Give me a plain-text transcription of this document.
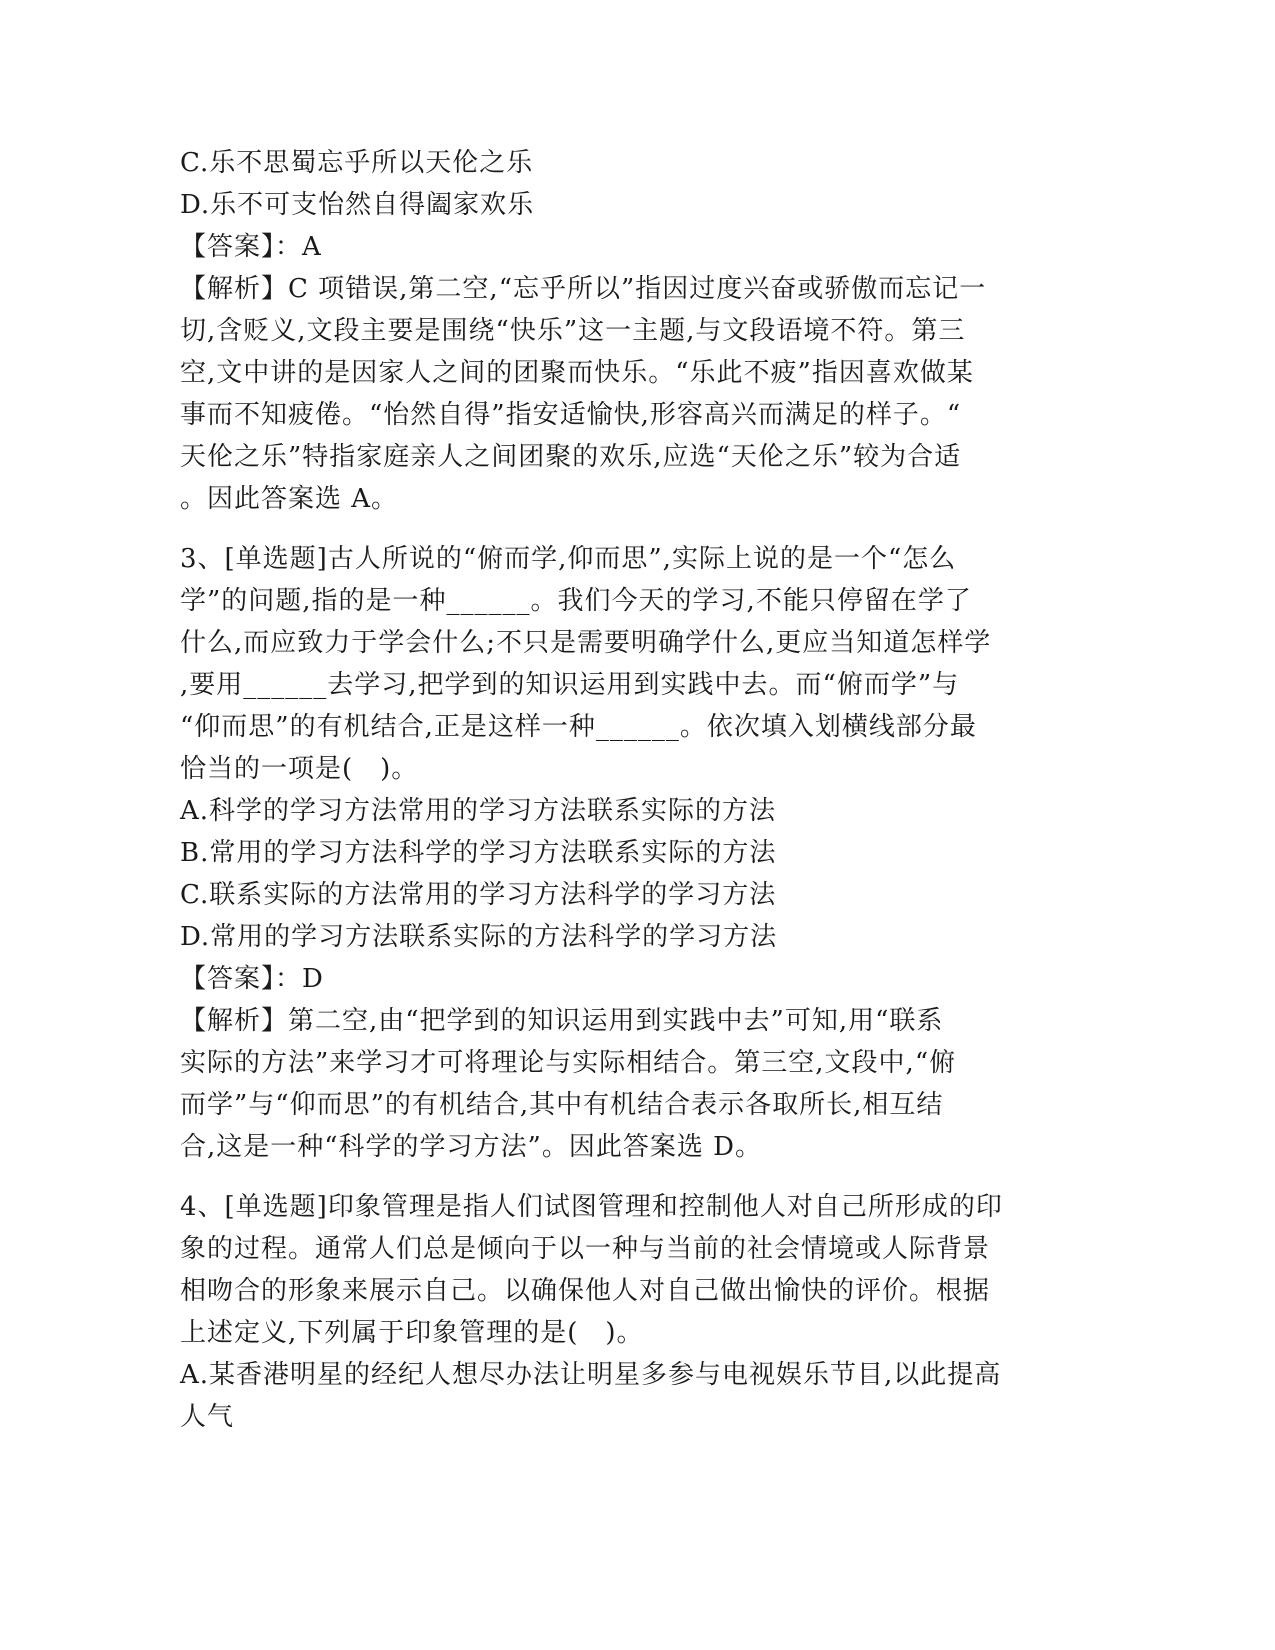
C.乐不思蜀忘乎所以天伦之乐
D.乐不可支怡然自得阖家欢乐
【答案】：A
【解析】C 项错误,第二空,“忘乎所以”指因过度兴奋或骄傲而忘记一
切,含贬义,文段主要是围绕“快乐”这一主题,与文段语境不符。第三
空,文中讲的是因家人之间的团聚而快乐。“乐此不疲”指因喜欢做某
事而不知疲倦。“怡然自得”指安适愉快,形容高兴而满足的样子。“
天伦之乐”特指家庭亲人之间团聚的欢乐,应选“天伦之乐”较为合适
。因此答案选 A。
3、[单选题]古人所说的“俯而学,仰而思”,实际上说的是一个“怎么
学”的问题,指的是一种______。我们今天的学习,不能只停留在学了
什么,而应致力于学会什么;不只是需要明确学什么,更应当知道怎样学
,要用______去学习,把学到的知识运用到实践中去。而“俯而学”与
“仰而思”的有机结合,正是这样一种______。依次填入划横线部分最
恰当的一项是(　)。
A.科学的学习方法常用的学习方法联系实际的方法
B.常用的学习方法科学的学习方法联系实际的方法
C.联系实际的方法常用的学习方法科学的学习方法
D.常用的学习方法联系实际的方法科学的学习方法
【答案】：D
【解析】第二空,由“把学到的知识运用到实践中去”可知,用“联系
实际的方法”来学习才可将理论与实际相结合。第三空,文段中,“俯
而学”与“仰而思”的有机结合,其中有机结合表示各取所长,相互结
合,这是一种“科学的学习方法”。因此答案选 D。
4、[单选题]印象管理是指人们试图管理和控制他人对自己所形成的印
象的过程。通常人们总是倾向于以一种与当前的社会情境或人际背景
相吻合的形象来展示自己。以确保他人对自己做出愉快的评价。根据
上述定义,下列属于印象管理的是(　)。
A.某香港明星的经纪人想尽办法让明星多参与电视娱乐节目,以此提高
人气
